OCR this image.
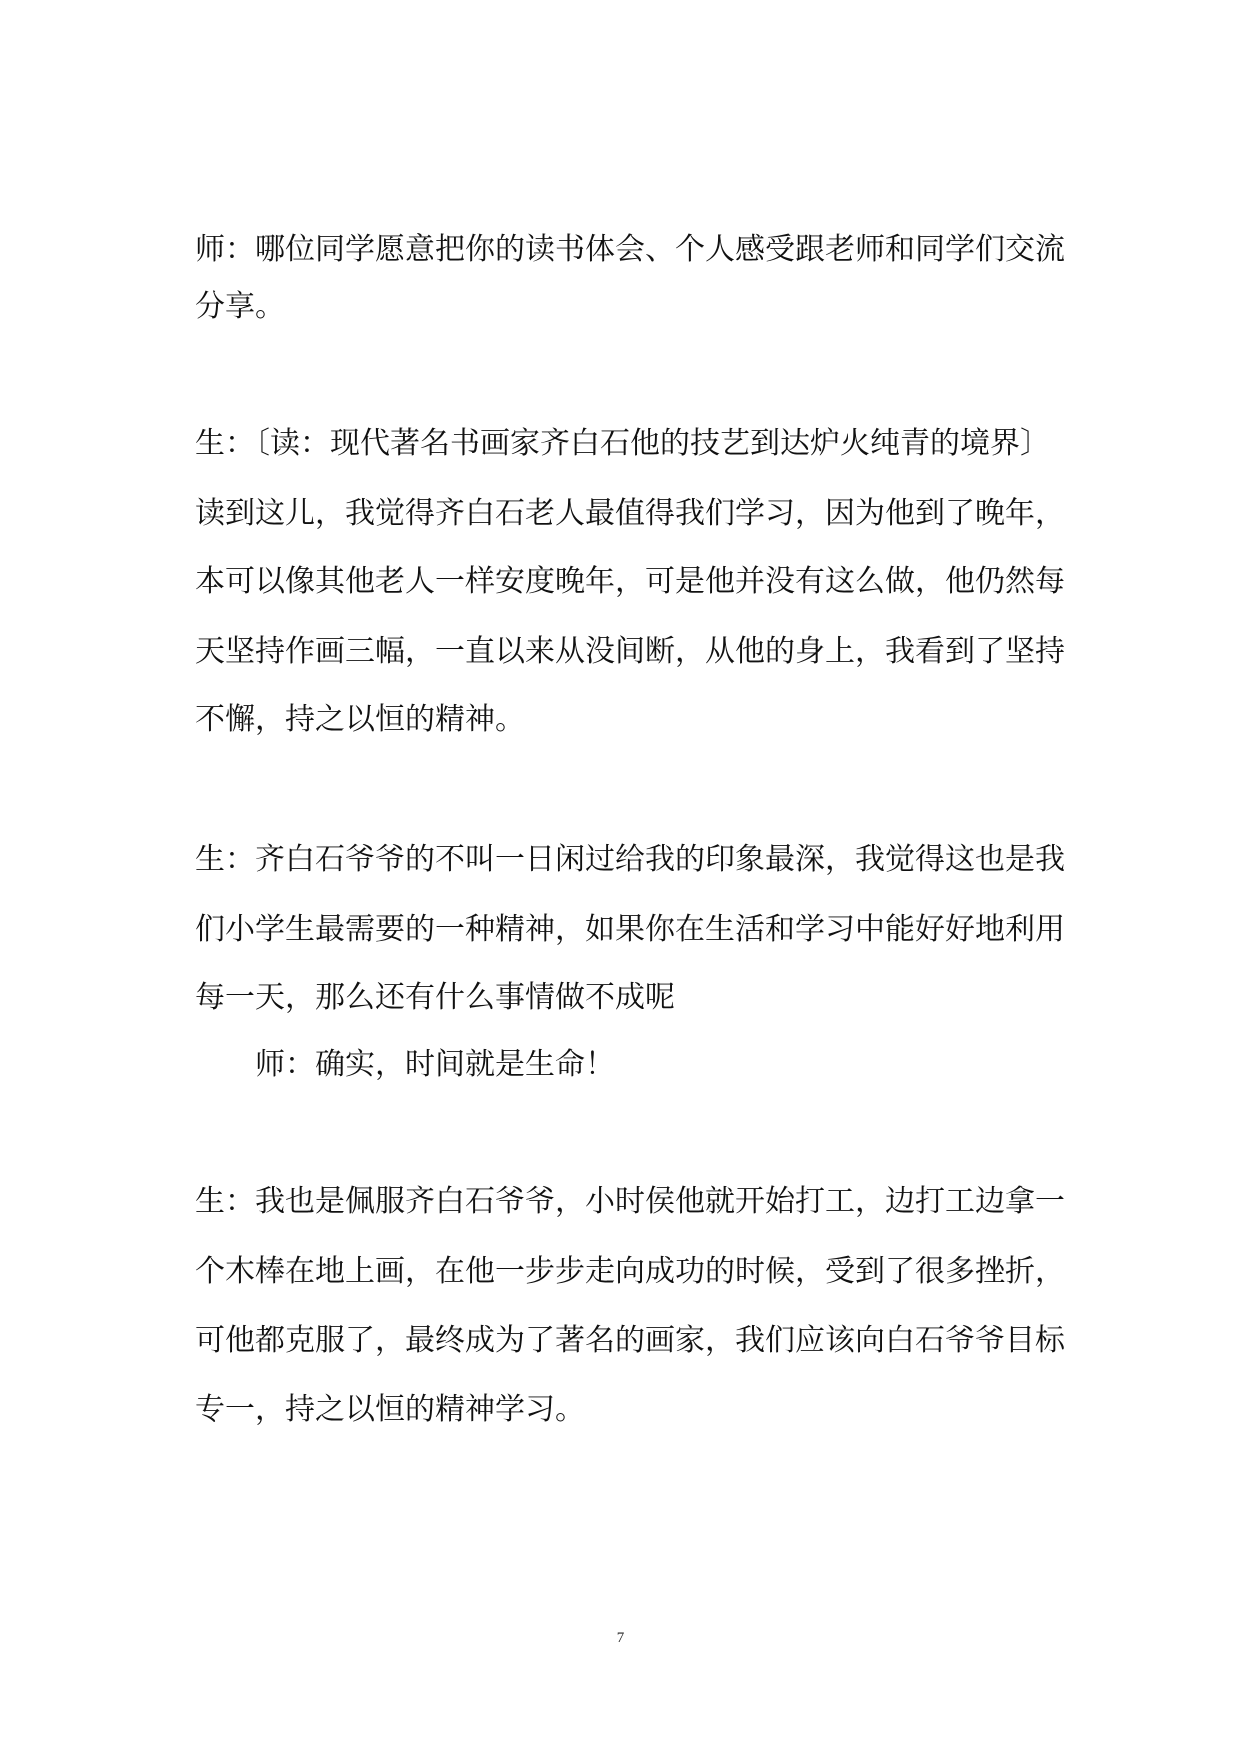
师：哪位同学愿意把你的读书体会、个人感受跟老师和同学们交流

分享。

生：〔读：现代著名书画家齐白石他的技艺到达炉火纯青的境界〕

读到这儿，我觉得齐白石老人最值得我们学习，因为他到了晚年，

本可以像其他老人一样安度晚年，可是他并没有这么做，他仍然每

天坚持作画三幅，一直以来从没间断，从他的身上，我看到了坚持

不懈，持之以恒的精神。

生：齐白石爷爷的不叫一日闲过给我的印象最深，我觉得这也是我

们小学生最需要的一种精神，如果你在生活和学习中能好好地利用

每一天，那么还有什么事情做不成呢

师：确实，时间就是生命！

生：我也是佩服齐白石爷爷，小时侯他就开始打工，边打工边拿一

个木棒在地上画，在他一步步走向成功的时候，受到了很多挫折，

可他都克服了，最终成为了著名的画家，我们应该向白石爷爷目标

专一，持之以恒的精神学习。

7
